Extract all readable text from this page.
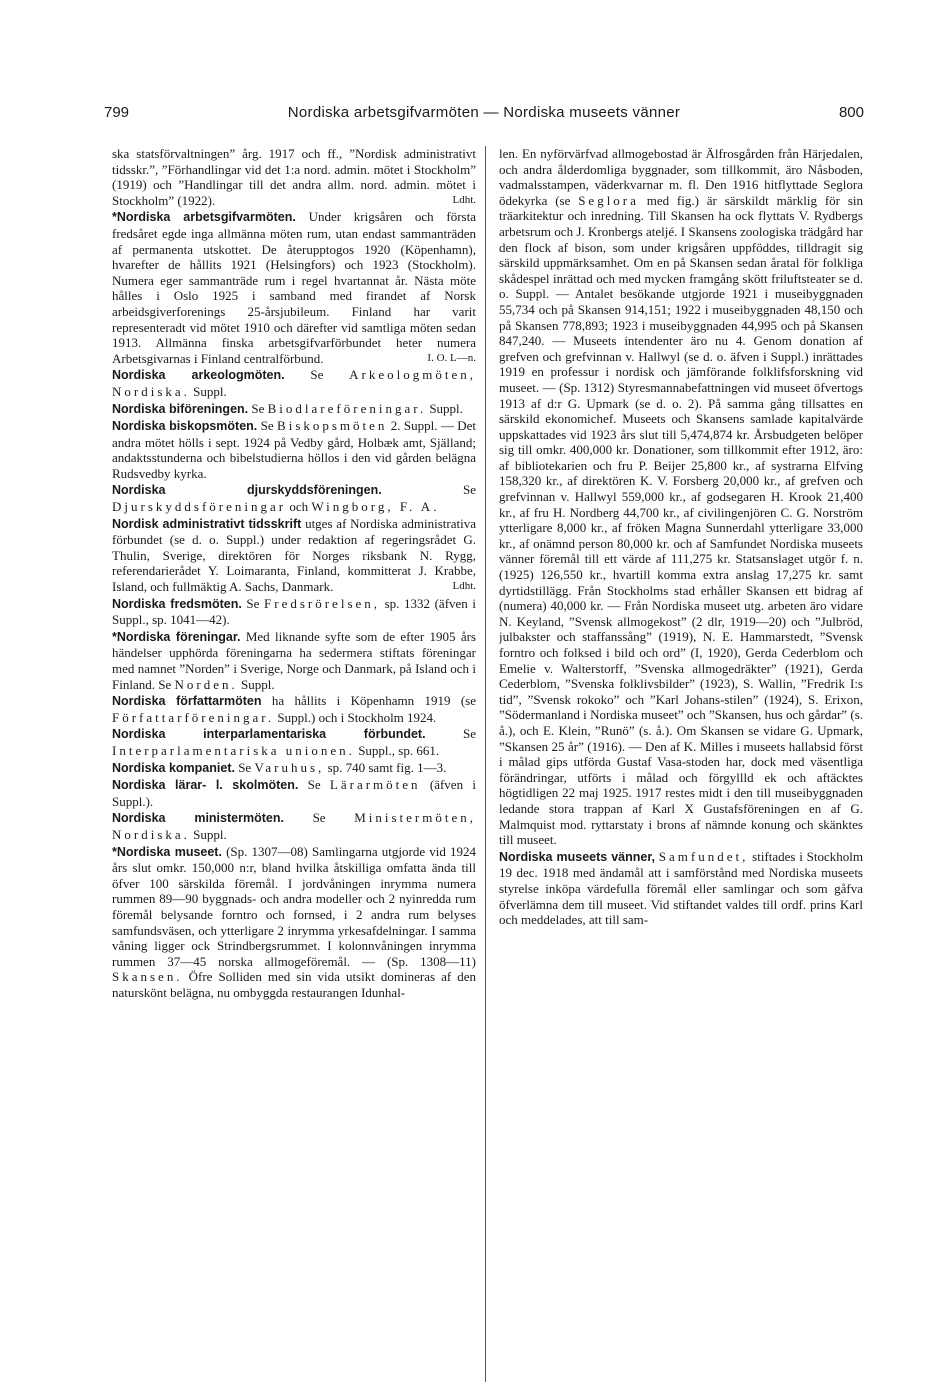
799	Nordiska arbetsgifvarmöten — Nordiska museets vänner	800

ska statsförvaltningen” årg. 1917 och ff., ”Nordisk administrativt tidsskr.”, ”Förhandlingar vid det 1:a nord. admin. mötet i Stockholm” (1919) och ”Handlingar till det andra allm. nord. admin. mötet i Stockholm” (1922).	Ldht.

*Nordiska arbetsgifvarmöten. Under krigsåren och första fredsåret egde inga allmänna möten rum, utan endast sammanträden af permanenta utskottet. De återupptogos 1920 (Köpenhamn), hvarefter de hållits 1921 (Helsingfors) och 1923 (Stockholm). Numera eger sammanträde rum i regel hvartannat år. Nästa möte hålles i Oslo 1925 i samband med firandet af Norsk arbeidsgiverforenings 25-årsjubileum. Finland har varit representeradt vid mötet 1910 och därefter vid samtliga möten sedan 1913. Allmänna finska arbetsgifvarförbundet heter numera Arbetsgivarnas i Finland centralförbund.	I. O. L—n.

Nordiska arkeologmöten. Se Arkeologmöten, Nordiska. Suppl.

Nordiska biföreningen. Se Biodlareföreningar. Suppl.

Nordiska biskopsmöten. Se Biskopsmöten 2. Suppl. — Det andra mötet hölls i sept. 1924 på Vedby gård, Holbæk amt, Själland; andaktsstunderna och bibelstudierna höllos i den vid gården belägna Rudsvedby kyrka.

Nordiska djurskyddsföreningen. Se Djurskyddsföreningar och Wingborg, F. A.

Nordisk administrativt tidsskrift utges af Nordiska administrativa förbundet (se d. o. Suppl.) under redaktion af regeringsrådet G. Thulin, Sverige, direktören för Norges riksbank N. Rygg, referendarierådet Y. Loimaranta, Finland, kommitterat J. Krabbe, Island, och fullmäktig A. Sachs, Danmark.	Ldht.

Nordiska fredsmöten. Se Fredsrörelsen, sp. 1332 (äfven i Suppl., sp. 1041—42).

*Nordiska föreningar. Med liknande syfte som de efter 1905 års händelser upphörda föreningarna ha sedermera stiftats föreningar med namnet ”Norden” i Sverige, Norge och Danmark, på Island och i Finland. Se Norden. Suppl.

Nordiska författarmöten ha hållits i Köpenhamn 1919 (se Författarföreningar. Suppl.) och i Stockholm 1924.

Nordiska interparlamentariska förbundet. Se Interparlamentariska unionen. Suppl., sp. 661.

Nordiska kompaniet. Se Varuhus, sp. 740 samt fig. 1—3.

Nordiska lärar- l. skolmöten. Se Lärarmöten (äfven i Suppl.).

Nordiska ministermöten. Se Ministermöten, Nordiska. Suppl.

*Nordiska museet. (Sp. 1307—08) Samlingarna utgjorde vid 1924 års slut omkr. 150,000 n:r, bland hvilka åtskilliga omfatta ända till öfver 100 särskilda föremål. I jordvåningen inrymma numera rummen 89—90 byggnads- och andra modeller och 2 nyinredda rum föremål belysande forntro och fornsed, i 2 andra rum belyses samfundsväsen, och ytterligare 2 inrymma yrkesafdelningar. I samma våning ligger ock Strindbergsrummet. I kolonnvåningen inrymma rummen 37—45 norska allmogeföremål. — (Sp. 1308—11) Skansen. Öfre Solliden med sin vida utsikt domineras af den naturskönt belägna, nu ombyggda restaurangen Idunhal-

len. En nyförvärfvad allmogebostad är Älfrosgården från Härjedalen, och andra ålderdomliga byggnader, som tillkommit, äro Nåsboden, vadmalsstampen, väderkvarnar m. fl. Den 1916 hitflyttade Seglora ödekyrka (se Seglora med fig.) är särskildt märklig för sin träarkitektur och inredning. Till Skansen ha ock flyttats V. Rydbergs arbetsrum och J. Kronbergs ateljé. I Skansens zoologiska trädgård har den flock af bison, som under krigsåren uppföddes, tilldragit sig särskild uppmärksamhet. Om en på Skansen sedan åratal för folkliga skådespel inrättad och med mycken framgång skött friluftsteater se d. o. Suppl. — Antalet besökande utgjorde 1921 i museibyggnaden 55,734 och på Skansen 914,151; 1922 i museibyggnaden 48,150 och på Skansen 778,893; 1923 i museibyggnaden 44,995 och på Skansen 847,240. — Museets intendenter äro nu 4. Genom donation af grefven och grefvinnan v. Hallwyl (se d. o. äfven i Suppl.) inrättades 1919 en professur i nordisk och jämförande folklifsforskning vid museet. — (Sp. 1312) Styresmannabefattningen vid museet öfvertogs 1913 af d:r G. Upmark (se d. o. 2). På samma gång tillsattes en särskild ekonomichef. Museets och Skansens samlade kapitalvärde uppskattades vid 1923 års slut till 5,474,874 kr. Årsbudgeten belöper sig till omkr. 400,000 kr. Donationer, som tillkommit efter 1912, äro: af bibliotekarien och fru P. Beijer 25,800 kr., af systrarna Elfving 158,320 kr., af direktören K. V. Forsberg 20,000 kr., af grefven och grefvinnan v. Hallwyl 559,000 kr., af godsegaren H. Krook 21,400 kr., af fru H. Nordberg 44,700 kr., af civilingenjören C. G. Norström ytterligare 8,000 kr., af fröken Magna Sunnerdahl ytterligare 33,000 kr., af onämnd person 80,000 kr. och af Samfundet Nordiska museets vänner föremål till ett värde af 111,275 kr. Statsanslaget utgör f. n. (1925) 126,550 kr., hvartill komma extra anslag 17,275 kr. samt dyrtidstillägg. Från Stockholms stad erhåller Skansen ett bidrag af (numera) 40,000 kr. — Från Nordiska museet utg. arbeten äro vidare N. Keyland, ”Svensk allmogekost” (2 dlr, 1919—20) och ”Julbröd, julbakster och staffanssång” (1919), N. E. Hammarstedt, ”Svensk forntro och folksed i bild och ord” (I, 1920), Gerda Cederblom och Emelie v. Walterstorff, ”Svenska allmogedräkter” (1921), Gerda Cederblom, ”Svenska folklivsbilder” (1923), S. Wallin, ”Fredrik I:s tid”, ”Svensk rokoko” och ”Karl Johans-stilen” (1924), S. Erixon, ”Södermanland i Nordiska museet” och ”Skansen, hus och gårdar” (s. å.), och E. Klein, ”Runö” (s. å.). Om Skansen se vidare G. Upmark, ”Skansen 25 år” (1916). — Den af K. Milles i museets hallabsid först i målad gips utförda Gustaf Vasa-stoden har, dock med väsentliga förändringar, utförts i målad och förgyllld ek och aftäcktes högtidligen 22 maj 1925. 1917 restes midt i den till museibyggnaden ledande stora trappan af Karl X Gustafsföreningen en af G. Malmquist mod. ryttarstaty i brons af nämnde konung och skänktes till museet.

Nordiska museets vänner, Samfundet, stiftades i Stockholm 19 dec. 1918 med ändamål att i samförstånd med Nordiska museets styrelse inköpa värdefulla föremål eller samlingar och som gåfva öfverlämna dem till museet. Vid stiftandet valdes till ordf. prins Karl och meddelades, att till sam-
